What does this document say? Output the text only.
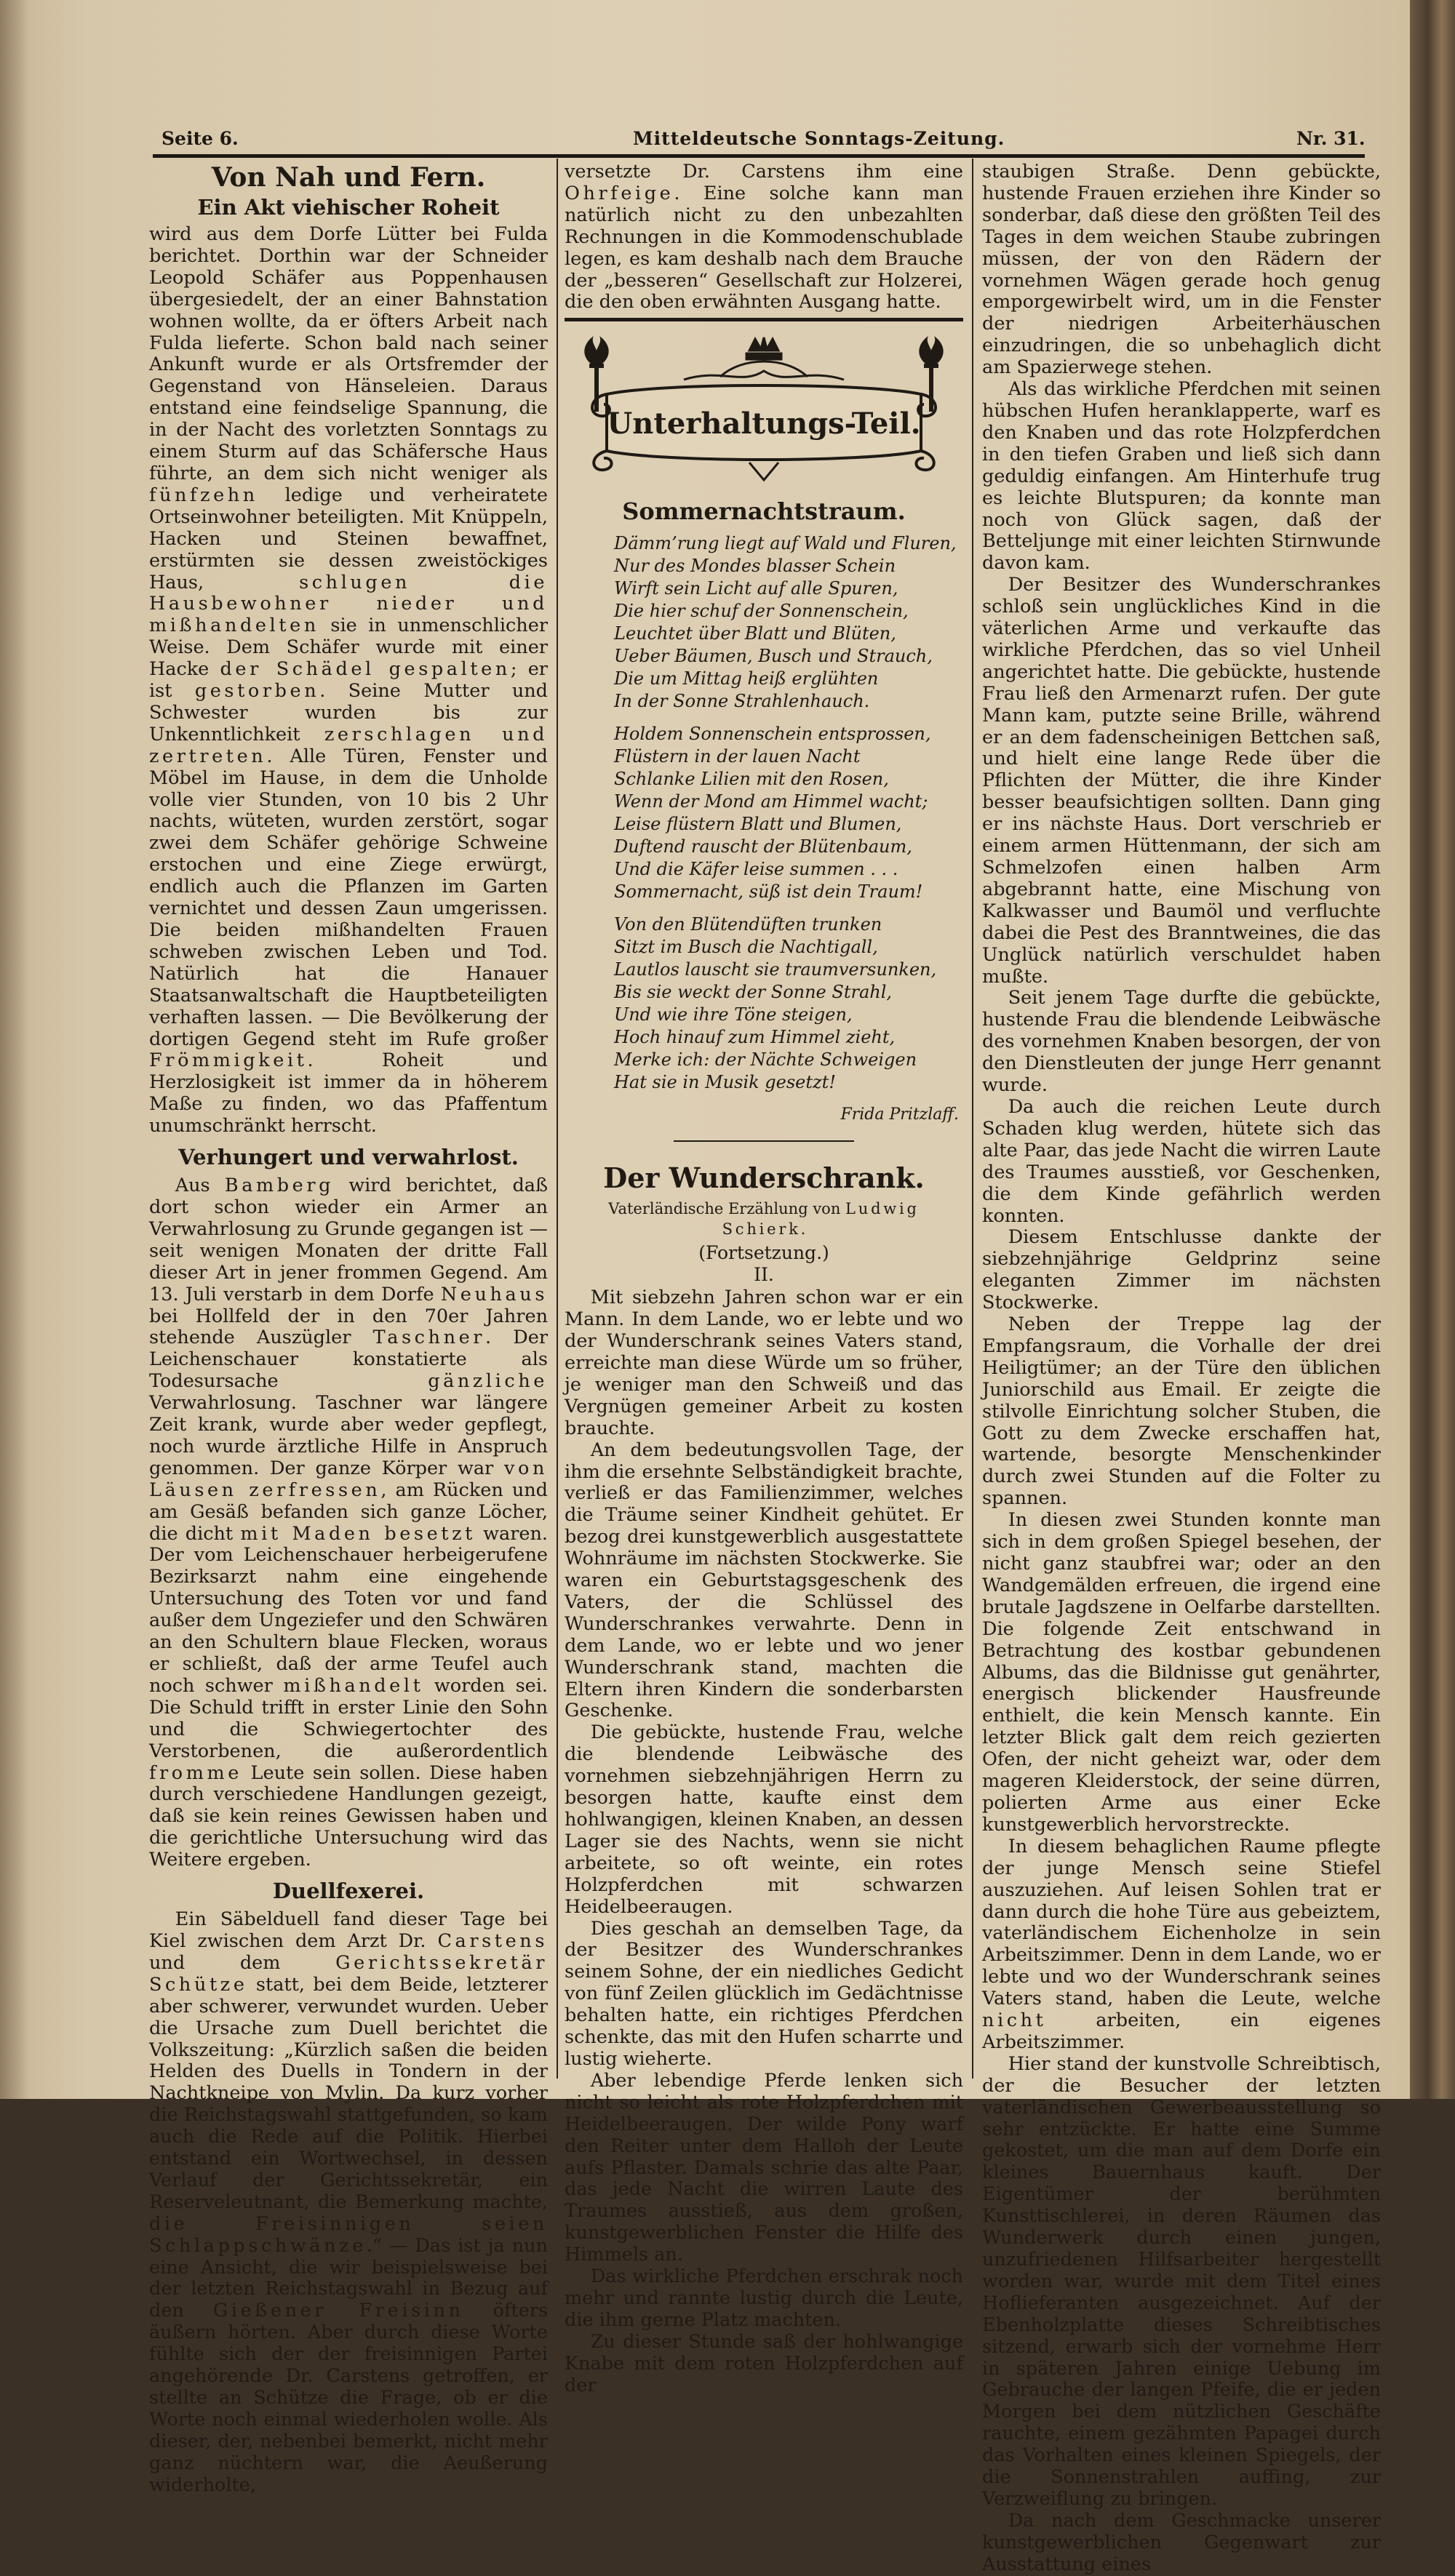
Seite 6.	Mitteldeutsche Sonntags-Zeitung.	Nr. 31.
Von Nah und Fern.
Ein Akt viehischer Roheit

wird aus dem Dorfe Lütter bei Fulda berichtet. Dorthin war der Schneider Leopold Schäfer aus Poppenhausen übergesiedelt, der an einer Bahnstation wohnen wollte, da er öfters Arbeit nach Fulda lieferte. Schon bald nach seiner Ankunft wurde er als Ortsfremder der Gegenstand von Hänseleien. Daraus entstand eine feindselige Spannung, die in der Nacht des vorletzten Sonntags zu einem Sturm auf das Schäfersche Haus führte, an dem sich nicht weniger als fünfzehn ledige und verheiratete Ortseinwohner beteiligten. Mit Knüppeln, Hacken und Steinen bewaffnet, erstürmten sie dessen zweistöckiges Haus,	schlugen die Hausbewohner nieder und mißhandelten sie in unmenschlicher Weise. Dem Schäfer wurde mit einer Hacke der Schädel gespalten; er ist gestorben. Seine Mutter und Schwester wurden bis zur Unkenntlichkeit zerschlagen und zertreten. Alle Türen, Fenster und Möbel im Hause, in dem die Unholde volle vier Stunden, von 10 bis 2 Uhr nachts, wüteten, wurden zerstört, sogar zwei dem Schäfer gehörige Schweine erstochen und eine Ziege erwürgt, endlich auch die Pflanzen im Garten vernichtet und dessen Zaun umgerissen. Die beiden mißhandelten Frauen schweben zwischen Leben und Tod. Natürlich hat die Hanauer Staatsanwaltschaft die Hauptbeteiligten verhaften lassen. — Die Bevölkerung der dortigen Gegend steht im Rufe großer Frömmigkeit. Roheit und Herzlosigkeit ist immer da in höherem Maße zu finden, wo das Pfaffentum unumschränkt herrscht.

Verhungert und verwahrlost.

Aus Bamberg wird berichtet, daß dort schon wieder ein Armer an Verwahrlosung zu Grunde gegangen ist — seit wenigen Monaten der dritte Fall dieser Art in jener frommen Gegend. Am 13. Juli verstarb in dem Dorfe Neuhaus bei Hollfeld der in den 70er Jahren stehende Auszügler Taschner. Der Leichenschauer konstatierte als Todesursache	gänzliche Verwahrlosung. Taschner war längere Zeit krank, wurde aber weder gepflegt, noch wurde ärztliche Hilfe in Anspruch genommen. Der ganze Körper war von Läusen zerfressen, am Rücken und am Gesäß befanden sich ganze Löcher, die dicht mit Maden besetzt waren. Der vom Leichenschauer herbeigerufene Bezirksarzt nahm eine eingehende Untersuchung des Toten vor und fand außer dem Ungeziefer und den Schwären an den Schultern blaue Flecken, woraus er schließt, daß der arme Teufel auch noch schwer mißhandelt worden sei. Die Schuld trifft in erster Linie den Sohn und die Schwiegertochter des Verstorbenen, die außerordentlich fromme Leute sein sollen. Diese haben durch verschiedene Handlungen gezeigt, daß sie kein reines Gewissen haben und die gerichtliche Untersuchung wird das Weitere ergeben.

Duellfexerei.

Ein Säbelduell fand dieser Tage bei Kiel zwischen dem Arzt Dr. Carstens und dem	Gerichtssekretär Schütze statt, bei dem Beide, letzterer aber schwerer, verwundet wurden. Ueber die Ursache zum Duell berichtet die Volkszeitung: „Kürzlich saßen die beiden Helden des Duells in Tondern in der Nachtkneipe von Mylin. Da kurz vorher die Reichstagswahl stattgefunden, so kam auch die Rede auf die Politik. Hierbei entstand ein Wortwechsel, in dessen Verlauf der Gerichtssekretär, ein Reserveleutnant, die Bemerkung machte, die Freisinnigen seien Schlappschwänze.“ — Das ist ja nun eine Ansicht, die wir beispielsweise bei der letzten Reichstagswahl in Bezug auf den Gießener Freisinn öfters äußern hörten. Aber durch diese Worte fühlte sich der der freisinnigen Partei angehörende Dr. Carstens getroffen, er stellte an Schütze die Frage, ob er die Worte noch einmal wiederholen wolle. Als dieser, der, nebenbei bemerkt, nicht mehr ganz nüchtern war, die Aeußerung widerholte,

versetzte Dr. Carstens ihm eine Ohrfeige. Eine solche kann man natürlich nicht zu den unbezahlten Rechnungen in die Kommodenschublade legen, es kam deshalb nach dem Brauche der „besseren“ Gesellschaft zur Holzerei, die den oben erwähnten Ausgang hatte.

Unterhaltungs-Teil.
Sommernachtstraum.
Dämm’rung liegt auf Wald und Fluren,
Nur des Mondes blasser Schein
Wirft sein Licht auf alle Spuren,
Die hier schuf der Sonnenschein,
Leuchtet über Blatt und Blüten,
Ueber Bäumen, Busch und Strauch,
Die um Mittag heiß erglühten
In der Sonne Strahlenhauch.
Holdem Sonnenschein entsprossen,
Flüstern in der lauen Nacht
Schlanke Lilien mit den Rosen,
Wenn der Mond am Himmel wacht;
Leise flüstern Blatt und Blumen,
Duftend rauscht der Blütenbaum,
Und die Käfer leise summen . . .
Sommernacht, süß ist dein Traum!
Von den Blütendüften trunken
Sitzt im Busch die Nachtigall,
Lautlos lauscht sie traumversunken,
Bis sie weckt der Sonne Strahl,
Und wie ihre Töne steigen,
Hoch hinauf zum Himmel zieht,
Merke ich: der Nächte Schweigen
Hat sie in Musik gesetzt!
Frida Pritzlaff.
Der Wunderschrank.
Vaterländische Erzählung von Ludwig Schierk.
(Fortsetzung.)
II.

Mit siebzehn Jahren schon war er ein Mann. In dem Lande, wo er lebte und wo der Wunderschrank seines Vaters stand, erreichte man diese Würde um so früher, je weniger man den Schweiß und das Vergnügen gemeiner Arbeit zu kosten brauchte.

An dem bedeutungsvollen Tage, der ihm die ersehnte Selbständigkeit brachte, verließ er das Familienzimmer, welches die Träume seiner Kindheit gehütet. Er bezog drei kunstgewerblich ausgestattete Wohnräume im nächsten Stockwerke. Sie waren ein Geburtstagsgeschenk des Vaters, der die Schlüssel des Wunderschrankes verwahrte. Denn in dem Lande, wo er lebte und wo jener Wunderschrank stand, machten die Eltern ihren Kindern die sonderbarsten Geschenke.

Die gebückte, hustende Frau, welche die blendende Leibwäsche des vornehmen siebzehnjährigen Herrn zu besorgen hatte, kaufte einst dem hohlwangigen, kleinen Knaben, an dessen Lager sie des Nachts, wenn sie nicht arbeitete, so oft weinte, ein rotes Holzpferdchen mit schwarzen Heidelbeeraugen.

Dies geschah an demselben Tage, da der Besitzer des Wunderschrankes seinem Sohne, der ein niedliches Gedicht von fünf Zeilen glücklich im Gedächtnisse behalten hatte, ein richtiges Pferdchen schenkte, das mit den Hufen scharrte und lustig wieherte.

Aber lebendige Pferde lenken sich nicht so leicht als rote Holzpferdchen mit Heidelbeeraugen. Der wilde Pony warf den Reiter unter dem Halloh der Leute aufs Pflaster. Damals schrie das alte Paar, das jede Nacht die wirren Laute des Traumes ausstieß, aus dem großen, kunstgewerblichen Fenster die Hilfe des Himmels an.

Das wirkliche Pferdchen erschrak noch mehr und rannte lustig durch die Leute, die ihm gerne Platz machten.

Zu dieser Stunde saß der hohlwangige Knabe mit dem roten Holzpferdchen auf der

staubigen Straße. Denn gebückte, hustende Frauen erziehen ihre Kinder so sonderbar, daß diese den größten Teil des Tages in dem weichen Staube zubringen müssen, der von den Rädern der vornehmen Wägen gerade hoch genug emporgewirbelt wird, um in die Fenster der niedrigen Arbeiterhäuschen einzudringen, die so unbehaglich dicht am Spazierwege stehen.

Als das wirkliche Pferdchen mit seinen hübschen Hufen heranklapperte, warf es den Knaben und das rote Holzpferdchen in den tiefen Graben und ließ sich dann geduldig einfangen. Am Hinterhufe trug es leichte Blutspuren; da konnte man noch von Glück sagen, daß der Betteljunge mit einer leichten Stirnwunde davon kam.

Der Besitzer des Wunderschrankes schloß sein unglückliches Kind in die väterlichen Arme und verkaufte das wirkliche Pferdchen, das so viel Unheil angerichtet hatte. Die gebückte, hustende Frau ließ den Armenarzt rufen. Der gute Mann kam, putzte seine Brille, während er an dem fadenscheinigen Bettchen saß, und hielt eine lange Rede über die Pflichten der Mütter, die ihre Kinder besser beaufsichtigen sollten. Dann ging er ins nächste Haus. Dort verschrieb er einem armen Hüttenmann, der sich am Schmelzofen einen halben Arm abgebrannt hatte, eine Mischung von Kalkwasser und Baumöl und verfluchte dabei die Pest des Branntweines, die das Unglück natürlich verschuldet haben mußte.

Seit jenem Tage durfte die gebückte, hustende Frau die blendende Leibwäsche des vornehmen Knaben besorgen, der von den Dienstleuten der junge Herr genannt wurde.

Da auch die reichen Leute durch Schaden klug werden, hütete sich das alte Paar, das jede Nacht die wirren Laute des Traumes ausstieß, vor Geschenken, die dem Kinde gefährlich werden konnten.

Diesem Entschlusse dankte der siebzehnjährige Geldprinz seine eleganten Zimmer im nächsten Stockwerke.

Neben der Treppe lag der Empfangsraum, die Vorhalle der drei Heiligtümer; an der Türe den üblichen Juniorschild aus Email. Er zeigte die stilvolle Einrichtung solcher Stuben, die Gott zu dem Zwecke erschaffen hat, wartende, besorgte Menschenkinder durch zwei Stunden auf die Folter zu spannen.

In diesen zwei Stunden konnte man sich in dem großen Spiegel besehen, der nicht ganz staubfrei war; oder an den Wandgemälden erfreuen, die irgend eine brutale Jagdszene in Oelfarbe darstellten. Die folgende Zeit entschwand in Betrachtung des kostbar gebundenen Albums, das die Bildnisse gut genährter, energisch blickender Hausfreunde enthielt, die kein Mensch kannte. Ein letzter Blick galt dem reich gezierten Ofen, der nicht geheizt war, oder dem mageren Kleiderstock, der seine dürren, polierten Arme aus einer Ecke kunstgewerblich hervorstreckte.

In diesem behaglichen Raume pflegte der junge Mensch seine Stiefel auszuziehen. Auf leisen Sohlen trat er dann durch die hohe Türe aus gebeiztem, vaterländischem Eichenholze in sein Arbeitszimmer. Denn in dem Lande, wo er lebte und wo der Wunderschrank seines Vaters stand, haben die Leute, welche nicht	arbeiten, ein eigenes Arbeitszimmer.

Hier stand der kunstvolle Schreibtisch, der die Besucher der letzten vaterländischen Gewerbeausstellung so sehr entzückte. Er hatte eine Summe gekostet, um die man auf dem Dorfe ein kleines Bauernhaus kauft. Der Eigentümer der berühmten Kunsttischlerei, in deren Räumen das Wunderwerk durch einen jungen, unzufriedenen Hilfsarbeiter hergestellt worden war, wurde mit dem Titel eines Hoflieferanten ausgezeichnet. Auf der Ebenholzplatte dieses Schreibtisches sitzend, erwarb sich der vornehme Herr in späteren Jahren einige Uebung im Gebrauche der langen Pfeife, die er jeden Morgen bei dem nützlichen Geschäfte rauchte, einem gezähmten Papagei durch das Vorhalten eines kleinen Spiegels, der die Sonnenstrahlen auffing, zur Verzweiflung zu bringen.

Da nach dem Geschmacke unserer kunstgewerblichen Gegenwart zur Ausstattung eines
